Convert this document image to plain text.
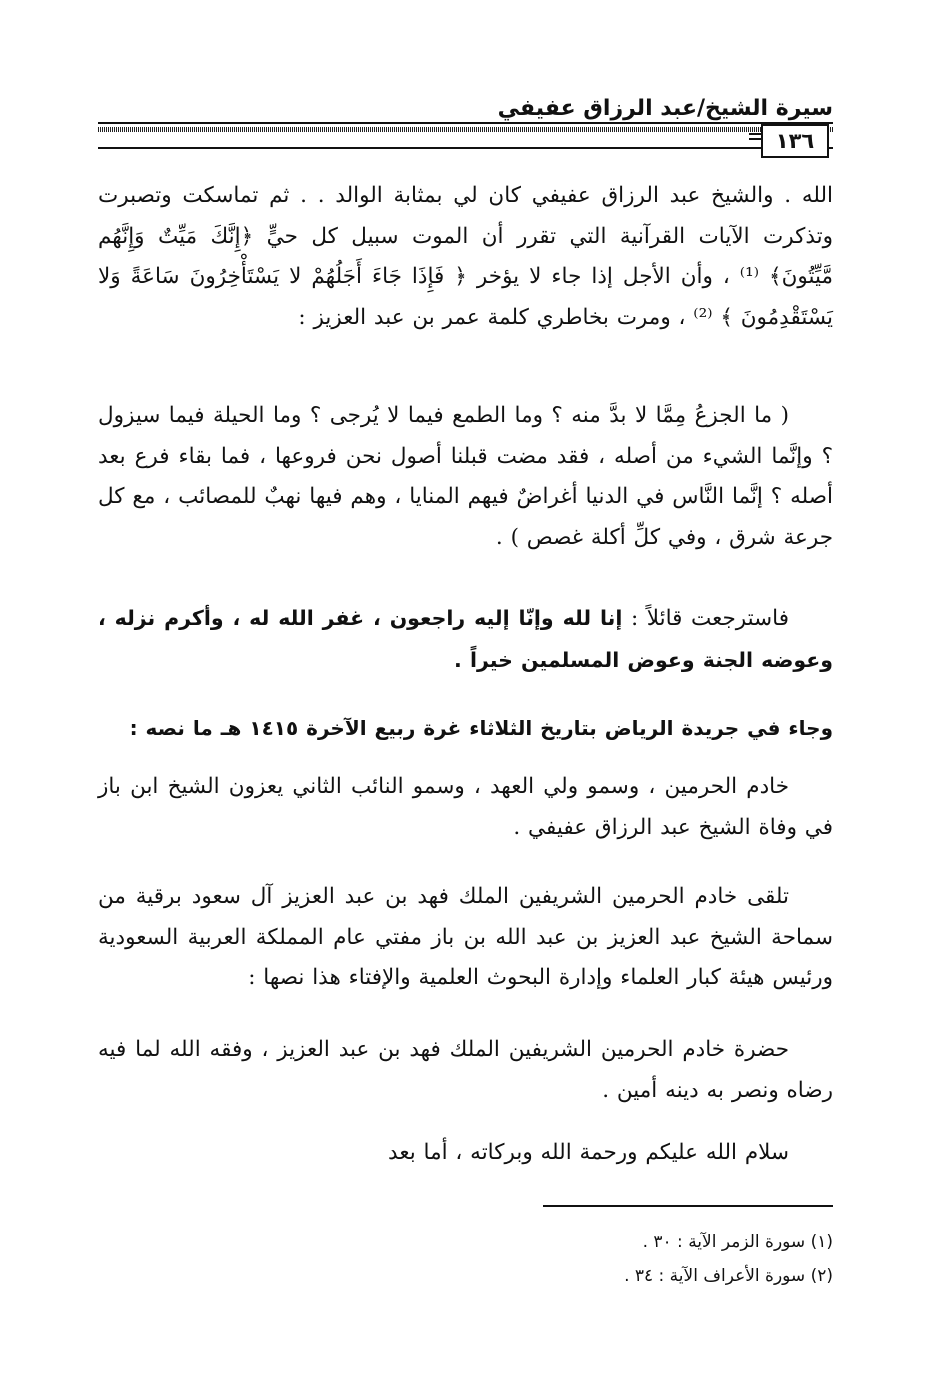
سيرة الشيخ/عبد الرزاق عفيفي
١٣٦
الله . والشيخ عبد الرزاق عفيفي كان لي بمثابة الوالد . . ثم تماسكت وتصبرت وتذكرت الآيات القرآنية التي تقرر أن الموت سبيل كل حيٍّ ﴿إِنَّكَ مَيِّتٌ وَإِنَّهُم مَّيِّتُونَ﴾ ⁽¹⁾ ، وأن الأجل إذا جاء لا يؤخر ﴿ فَإِذَا جَاءَ أَجَلُهُمْ لا يَسْتَأْخِرُونَ سَاعَةً وَلا يَسْتَقْدِمُونَ ﴾ ⁽²⁾ ، ومرت بخاطري كلمة عمر بن عبد العزيز :
( ما الجزعُ مِمَّا لا بدَّ منه ؟ وما الطمع فيما لا يُرجى ؟ وما الحيلة فيما سيزول ؟ وإنَّما الشيء من أصله ، فقد مضت قبلنا أصول نحن فروعها ، فما بقاء فرع بعد أصله ؟ إنَّما النَّاس في الدنيا أغراضٌ فيهم المنايا ، وهم فيها نهبٌ للمصائب ، مع كل جرعة شرق ، وفي كلِّ أكلة غصص ) .
فاسترجعت قائلاً : إنا لله وإنّا إليه راجعون ، غفر الله له ، وأكرم نزله ، وعوضه الجنة وعوض المسلمين خيراً .
وجاء في جريدة الرياض بتاريخ الثلاثاء غرة ربيع الآخرة ١٤١٥ هـ ما نصه :
خادم الحرمين ، وسمو ولي العهد ، وسمو النائب الثاني يعزون الشيخ ابن باز في وفاة الشيخ عبد الرزاق عفيفي .
تلقى خادم الحرمين الشريفين الملك فهد بن عبد العزيز آل سعود برقية من سماحة الشيخ عبد العزيز بن عبد الله بن باز مفتي عام المملكة العربية السعودية ورئيس هيئة كبار العلماء وإدارة البحوث العلمية والإفتاء هذا نصها :
حضرة خادم الحرمين الشريفين الملك فهد بن عبد العزيز ، وفقه الله لما فيه رضاه ونصر به دينه أمين .
سلام الله عليكم ورحمة الله وبركاته ، أما بعد
(١) سورة الزمر الآية : ٣٠ .
(٢) سورة الأعراف الآية : ٣٤ .
